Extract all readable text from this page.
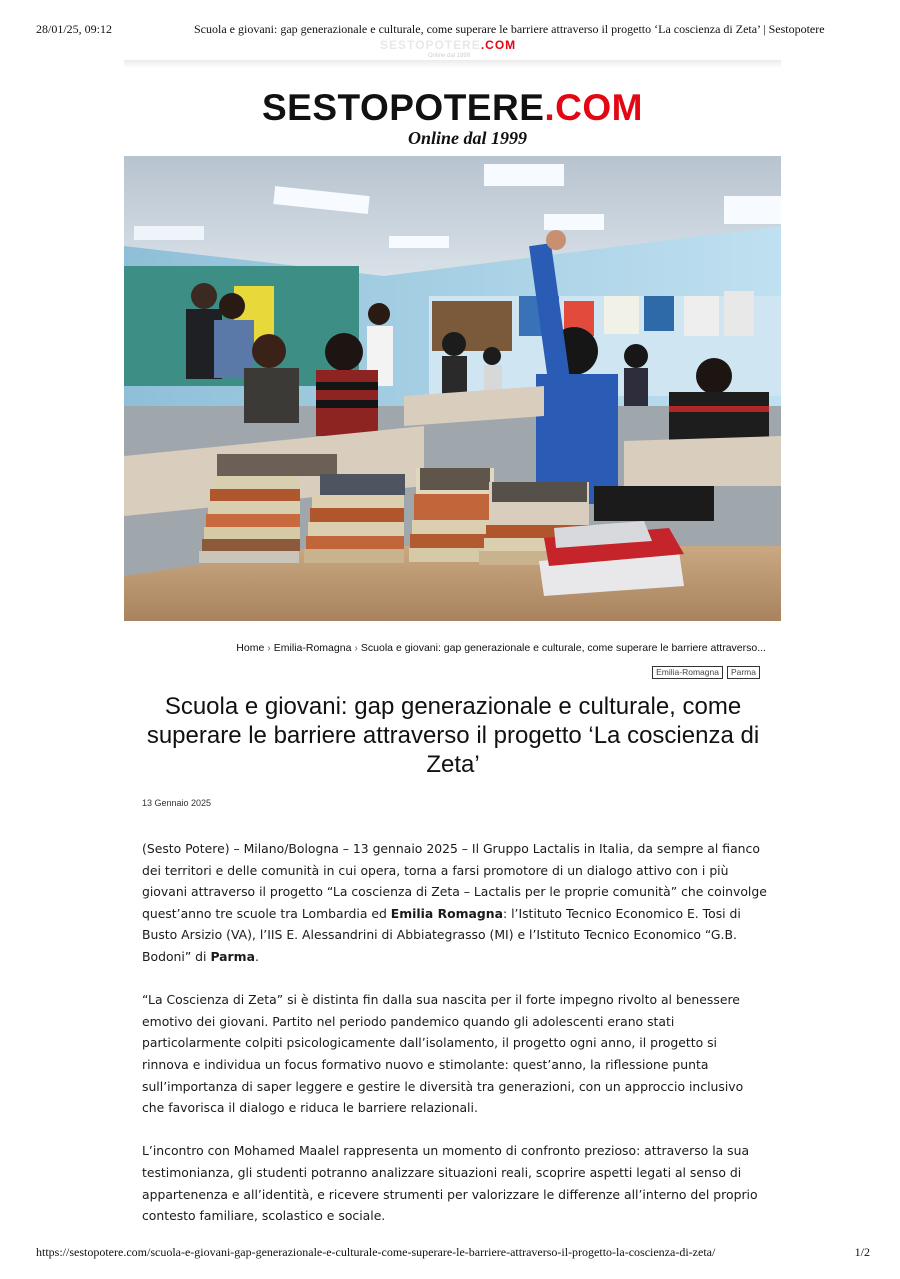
28/01/25, 09:12	Scuola e giovani: gap generazionale e culturale, come superare le barriere attraverso il progetto ‘La coscienza di Zeta’ | Sestopotere
SESTOPOTERE.COM
Online dal 1999
SESTOPOTERE.COM
Online dal 1999
Home › Emilia-Romagna › Scuola e giovani: gap generazionale e culturale, come superare le barriere attraverso...
Emilia-Romagna	Parma
Scuola e giovani: gap generazionale e culturale, come superare le barriere attraverso il progetto ‘La coscienza di Zeta’
13 Gennaio 2025

(Sesto Potere) – Milano/Bologna – 13 gennaio 2025 – Il Gruppo Lactalis in Italia, da sempre al fianco dei territori e delle comunità in cui opera, torna a farsi promotore di un dialogo attivo con i più giovani attraverso il progetto “La coscienza di Zeta – Lactalis per le proprie comunità” che coinvolge quest’anno tre scuole tra Lombardia ed Emilia Romagna: l’Istituto Tecnico Economico E. Tosi di Busto Arsizio (VA), l’IIS E. Alessandrini di Abbiategrasso (MI) e l’Istituto Tecnico Economico “G.B. Bodoni” di Parma.

“La Coscienza di Zeta” si è distinta fin dalla sua nascita per il forte impegno rivolto al benessere emotivo dei giovani. Partito nel periodo pandemico quando gli adolescenti erano stati particolarmente colpiti psicologicamente dall’isolamento, il progetto ogni anno, il progetto si rinnova e individua un focus formativo nuovo e stimolante: quest’anno, la riflessione punta sull’importanza di saper leggere e gestire le diversità tra generazioni, con un approccio inclusivo che favorisca il dialogo e riduca le barriere relazionali.

L’incontro con Mohamed Maalel rappresenta un momento di confronto prezioso: attraverso la sua testimonianza, gli studenti potranno analizzare situazioni reali, scoprire aspetti legati al senso di appartenenza e all’identità, e ricevere strumenti per valorizzare le differenze all’interno del proprio contesto familiare, scolastico e sociale.

https://sestopotere.com/scuola-e-giovani-gap-generazionale-e-culturale-come-superare-le-barriere-attraverso-il-progetto-la-coscienza-di-zeta/	1/2
